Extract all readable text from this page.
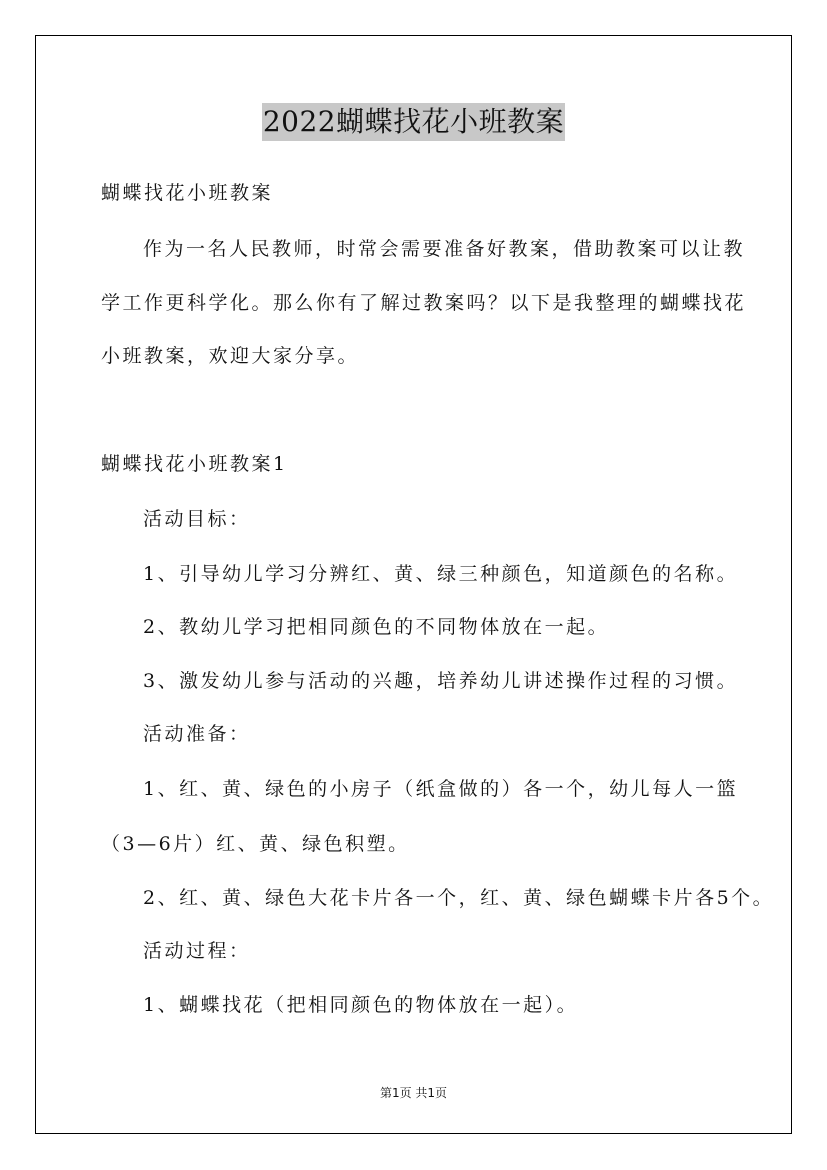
2022蝴蝶找花小班教案
蝴蝶找花小班教案
作为一名人民教师，时常会需要准备好教案，借助教案可以让教
学工作更科学化。那么你有了解过教案吗？以下是我整理的蝴蝶找花
小班教案，欢迎大家分享。
蝴蝶找花小班教案1
活动目标：
1、引导幼儿学习分辨红、黄、绿三种颜色，知道颜色的名称。
2、教幼儿学习把相同颜色的不同物体放在一起。
3、激发幼儿参与活动的兴趣，培养幼儿讲述操作过程的习惯。
活动准备：
1、红、黄、绿色的小房子（纸盒做的）各一个，幼儿每人一篮
（3—6片）红、黄、绿色积塑。
2、红、黄、绿色大花卡片各一个，红、黄、绿色蝴蝶卡片各5个。
活动过程：
1、蝴蝶找花（把相同颜色的物体放在一起）。
第1页 共1页
